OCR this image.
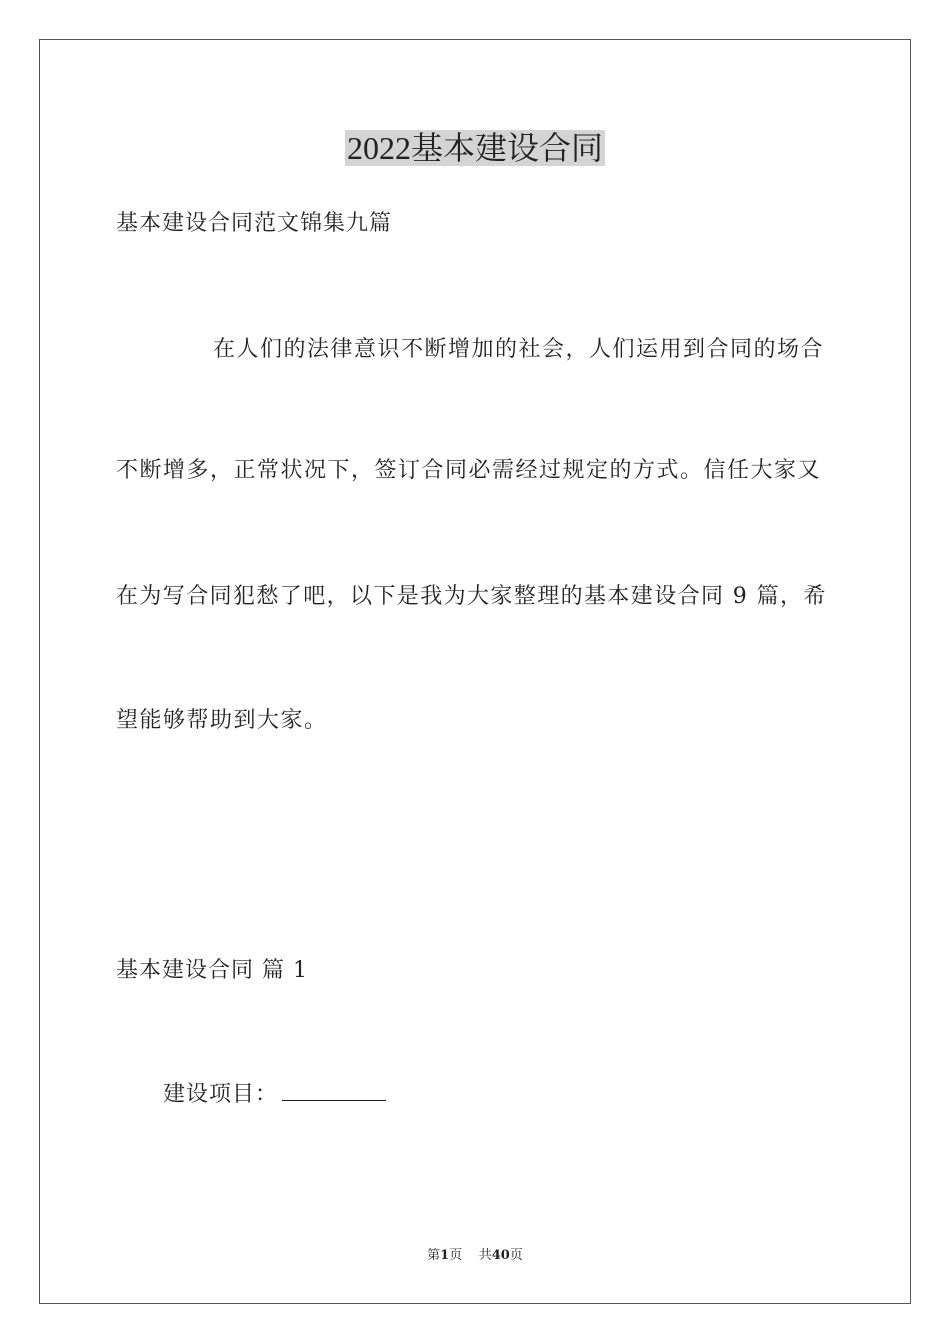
2022基本建设合同
基本建设合同范文锦集九篇
在人们的法律意识不断增加的社会，人们运用到合同的场合
不断增多，正常状况下，签订合同必需经过规定的方式。信任大家又
在为写合同犯愁了吧，以下是我为大家整理的基本建设合同 9 篇，希
望能够帮助到大家。
基本建设合同 篇 1
建设项目：
第1页    共40页
